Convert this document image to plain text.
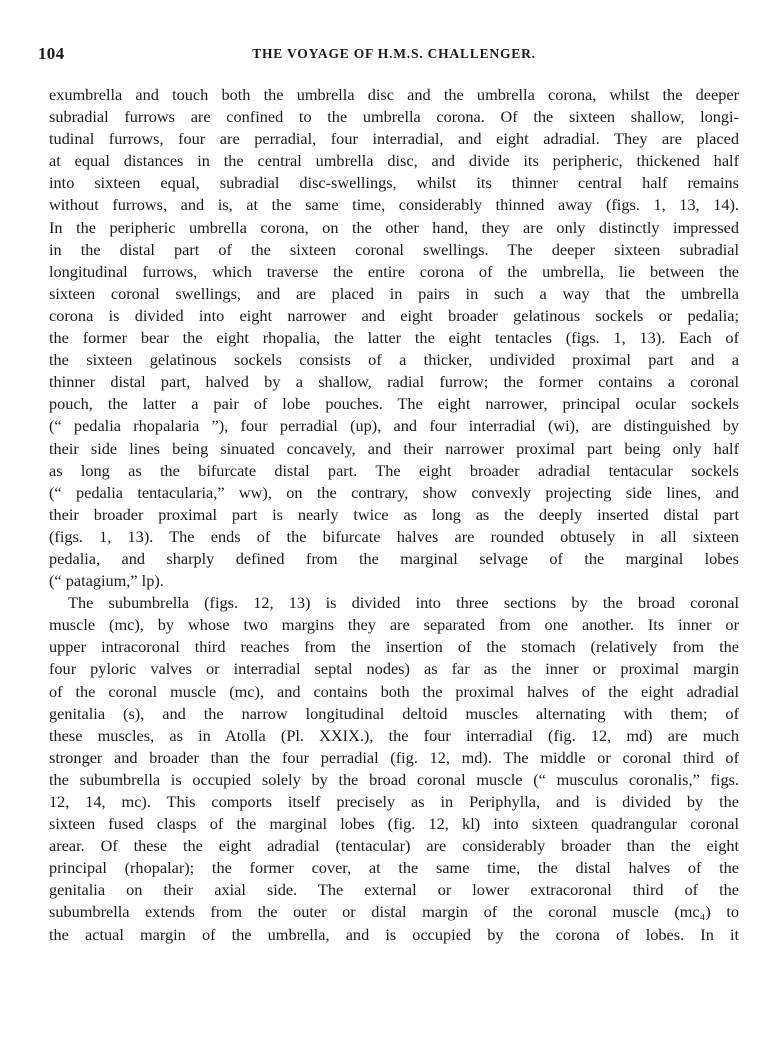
104	THE VOYAGE OF H.M.S. CHALLENGER.
exumbrella and touch both the umbrella disc and the umbrella corona, whilst the deeper
subradial furrows are confined to the umbrella corona. Of the sixteen shallow, longi-
tudinal furrows, four are perradial, four interradial, and eight adradial. They are placed
at equal distances in the central umbrella disc, and divide its peripheric, thickened half
into sixteen equal, subradial disc-swellings, whilst its thinner central half remains
without furrows, and is, at the same time, considerably thinned away (figs. 1, 13, 14).
In the peripheric umbrella corona, on the other hand, they are only distinctly impressed
in the distal part of the sixteen coronal swellings. The deeper sixteen subradial
longitudinal furrows, which traverse the entire corona of the umbrella, lie between the
sixteen coronal swellings, and are placed in pairs in such a way that the umbrella
corona is divided into eight narrower and eight broader gelatinous sockels or pedalia;
the former bear the eight rhopalia, the latter the eight tentacles (figs. 1, 13). Each of
the sixteen gelatinous sockels consists of a thicker, undivided proximal part and a
thinner distal part, halved by a shallow, radial furrow; the former contains a coronal
pouch, the latter a pair of lobe pouches. The eight narrower, principal ocular sockels
(“ pedalia rhopalaria ”), four perradial (up), and four interradial (wi), are distinguished by
their side lines being sinuated concavely, and their narrower proximal part being only half
as long as the bifurcate distal part. The eight broader adradial tentacular sockels
(“ pedalia tentacularia,” ww), on the contrary, show convexly projecting side lines, and
their broader proximal part is nearly twice as long as the deeply inserted distal part
(figs. 1, 13). The ends of the bifurcate halves are rounded obtusely in all sixteen
pedalia, and sharply defined from the marginal selvage of the marginal lobes
(“ patagium,” lp).
The subumbrella (figs. 12, 13) is divided into three sections by the broad coronal
muscle (mc), by whose two margins they are separated from one another. Its inner or
upper intracoronal third reaches from the insertion of the stomach (relatively from the
four pyloric valves or interradial septal nodes) as far as the inner or proximal margin
of the coronal muscle (mc), and contains both the proximal halves of the eight adradial
genitalia (s), and the narrow longitudinal deltoid muscles alternating with them; of
these muscles, as in Atolla (Pl. XXIX.), the four interradial (fig. 12, md) are much
stronger and broader than the four perradial (fig. 12, md). The middle or coronal third of
the subumbrella is occupied solely by the broad coronal muscle (“ musculus coronalis,” figs.
12, 14, mc). This comports itself precisely as in Periphylla, and is divided by the
sixteen fused clasps of the marginal lobes (fig. 12, kl) into sixteen quadrangular coronal
arear. Of these the eight adradial (tentacular) are considerably broader than the eight
principal (rhopalar); the former cover, at the same time, the distal halves of the
genitalia on their axial side. The external or lower extracoronal third of the
subumbrella extends from the outer or distal margin of the coronal muscle (mc₄) to
the actual margin of the umbrella, and is occupied by the corona of lobes. In it
